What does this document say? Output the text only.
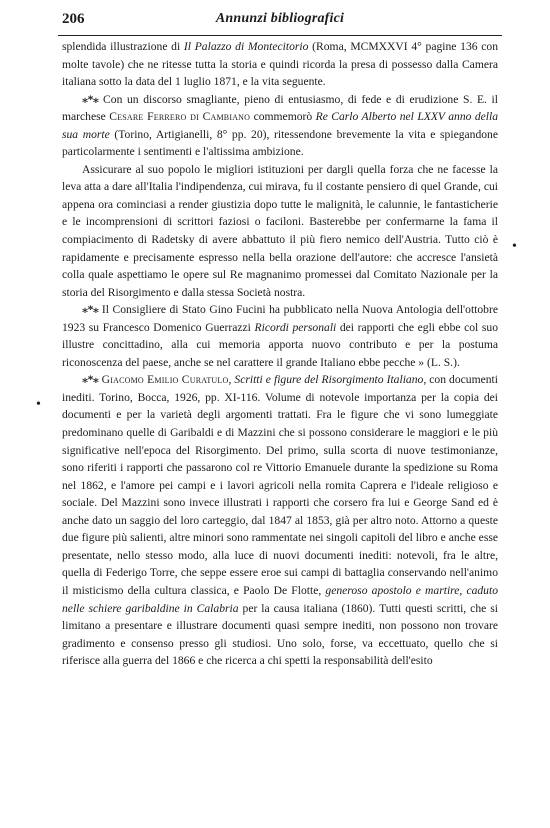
206	Annunzi bibliografici

splendida illustrazione di Il Palazzo di Montecitorio (Roma, MCMXXVI 4° pagine 136 con molte tavole) che ne ritesse tutta la storia e quindi ricorda la presa di possesso dalla Camera italiana sotto la data del 1 luglio 1871, e la vita seguente.

⁎*⁎ Con un discorso smagliante, pieno di entusiasmo, di fede e di erudizione S. E. il marchese Cesare Ferrero di Cambiano commemorò Re Carlo Alberto nel LXXV anno della sua morte (Torino, Artigianelli, 8° pp. 20), ritessendone brevemente la vita e spiegandone particolarmente i sentimenti e l'altissima ambizione.

Assicurare al suo popolo le migliori istituzioni per dargli quella forza che ne facesse la leva atta a dare all'Italia l'indipendenza, cui mirava, fu il costante pensiero di quel Grande, cui appena ora cominciasi a render giustizia dopo tutte le malignità, le calunnie, le fantasticherie e le incomprensioni di scrittori faziosi o faciloni. Basterebbe per confermarne la fama il compiacimento di Radetsky di avere abbattuto il più fiero nemico dell'Austria. Tutto ciò è rapidamente e precisamente espresso nella bella orazione dell'autore: che accresce l'ansietà colla quale aspettiamo le opere sul Re magnanimo promessei dal Comitato Nazionale per la storia del Risorgimento e dalla stessa Società nostra.

⁎*⁎ Il Consigliere di Stato Gino Fucini ha pubblicato nella Nuova Antologia dell'ottobre 1923 su Francesco Domenico Guerrazzi Ricordi personali dei rapporti che egli ebbe col suo illustre concittadino, alla cui memoria apporta nuovo contributo e per la postuma riconoscenza del paese, anche se nel carattere il grande Italiano ebbe pecche » (L. S.).

⁎*⁎ Giacomo Emilio Curatulo, Scritti e figure del Risorgimento Italiano, con documenti inediti. Torino, Bocca, 1926, pp. XI-116. Volume di notevole importanza per la copia dei documenti e per la varietà degli argomenti trattati. Fra le figure che vi sono lumeggiate predominano quelle di Garibaldi e di Mazzini che si possono considerare le maggiori e le più significative nell'epoca del Risorgimento. Del primo, sulla scorta di nuove testimonianze, sono riferiti i rapporti che passarono col re Vittorio Emanuele durante la spedizione su Roma nel 1862, e l'amore pei campi e i lavori agricoli nella romita Caprera e l'ideale religioso e sociale. Del Mazzini sono invece illustrati i rapporti che corsero fra lui e George Sand ed è anche dato un saggio del loro carteggio, dal 1847 al 1853, già per altro noto. Attorno a queste due figure più salienti, altre minori sono rammentate nei singoli capitoli del libro e anche esse presentate, nello stesso modo, alla luce di nuovi documenti inediti: notevoli, fra le altre, quella di Federigo Torre, che seppe essere eroe sui campi di battaglia conservando nell'animo il misticismo della cultura classica, e Paolo De Flotte, generoso apostolo e martire, caduto nelle schiere garibaldine in Calabria per la causa italiana (1860). Tutti questi scritti, che si limitano a presentare e illustrare documenti quasi sempre inediti, non possono non trovare gradimento e consenso presso gli studiosi. Uno solo, forse, va eccettuato, quello che si riferisce alla guerra del 1866 e che ricerca a chi spetti la responsabilità dell'esito

•
•
